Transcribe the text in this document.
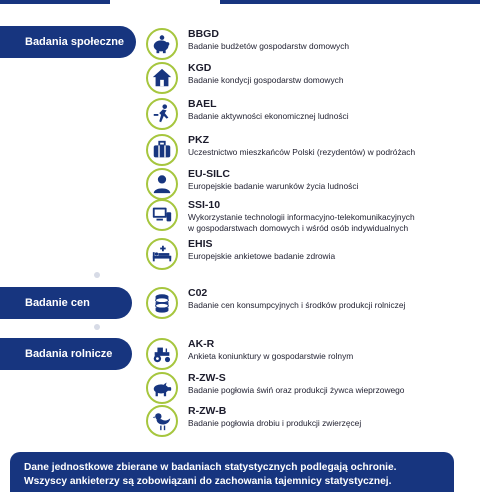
Badania społeczne
Badanie cen
Badania rolnicze
BBGD
Badanie budżetów gospodarstw domowych
KGD
Badanie kondycji gospodarstw domowych
BAEL
Badanie aktywności ekonomicznej ludności
PKZ
Uczestnictwo mieszkańców Polski (rezydentów) w podróżach
EU-SILC
Europejskie badanie warunków życia ludności
SSI-10
Wykorzystanie technologii informacyjno-telekomunikacyjnych
w gospodarstwach domowych i wśród osób indywidualnych
EHIS
Europejskie ankietowe badanie zdrowia
C02
Badanie cen konsumpcyjnych i środków produkcji rolniczej
AK-R
Ankieta koniunktury w gospodarstwie rolnym
R-ZW-S
Badanie pogłowia świń oraz produkcji żywca wieprzowego
R-ZW-B
Badanie pogłowia drobiu i produkcji zwierzęcej
Dane jednostkowe zbierane w badaniach statystycznych podlegają ochronie.
Wszyscy ankieterzy są zobowiązani do zachowania tajemnicy statystycznej.
